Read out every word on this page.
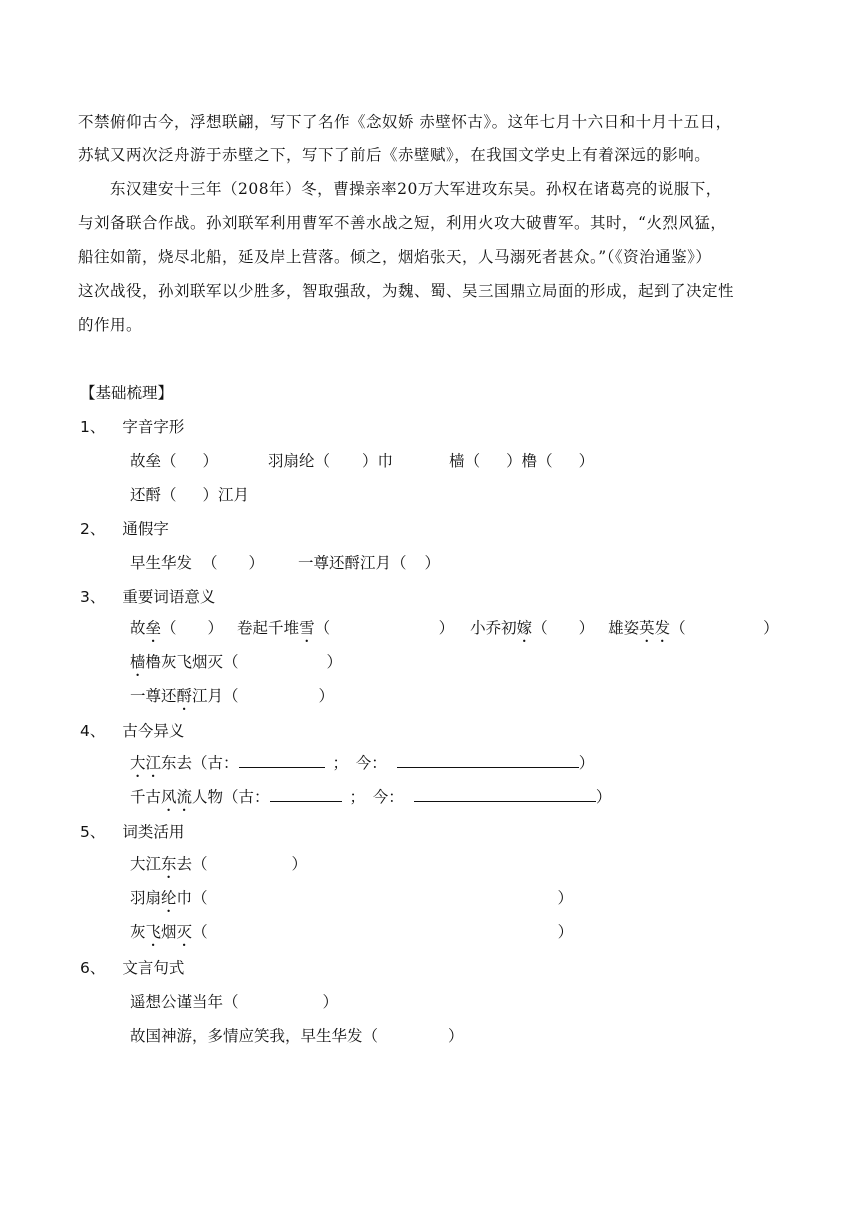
不禁俯仰古今，浮想联翩，写下了名作《念奴娇 赤壁怀古》。这年七月十六日和十月十五日，
苏轼又两次泛舟游于赤壁之下，写下了前后《赤壁赋》，在我国文学史上有着深远的影响。
东汉建安十三年（208年）冬，曹操亲率20万大军进攻东吴。孙权在诸葛亮的说服下，
与刘备联合作战。孙刘联军利用曹军不善水战之短，利用火攻大破曹军。其时，“火烈风猛，
船往如箭，烧尽北船，延及岸上营落。倾之，烟焰张天，人马溺死者甚众。”（《资治通鉴》）
这次战役，孙刘联军以少胜多，智取强敌，为魏、蜀、吴三国鼎立局面的形成，起到了决定性
的作用。
【基础梳理】
1、 字音字形
故垒（ ）	羽扇纶（ ）巾	樯（ ）橹（ ）
还酹（ ）江月
2、 通假字
早生华发 （　　） 一尊还酹江月（ ）
3、 重要词语意义
故垒（　　） 卷起千堆雪（　　　　　　　） 小乔初嫁（　　） 雄姿英发（　　　　　）
樯橹灰飞烟灭（	）
一尊还酹江月（	）
4、 古今异义
大江东去（古：	；　今：	）
千古风流人物（古：	；　今：	）
5、 词类活用
大江东去（	）
羽扇纶巾（	）
灰飞烟灭（	）
6、 文言句式
遥想公谨当年（	）
故国神游，多情应笑我，早生华发（	）
